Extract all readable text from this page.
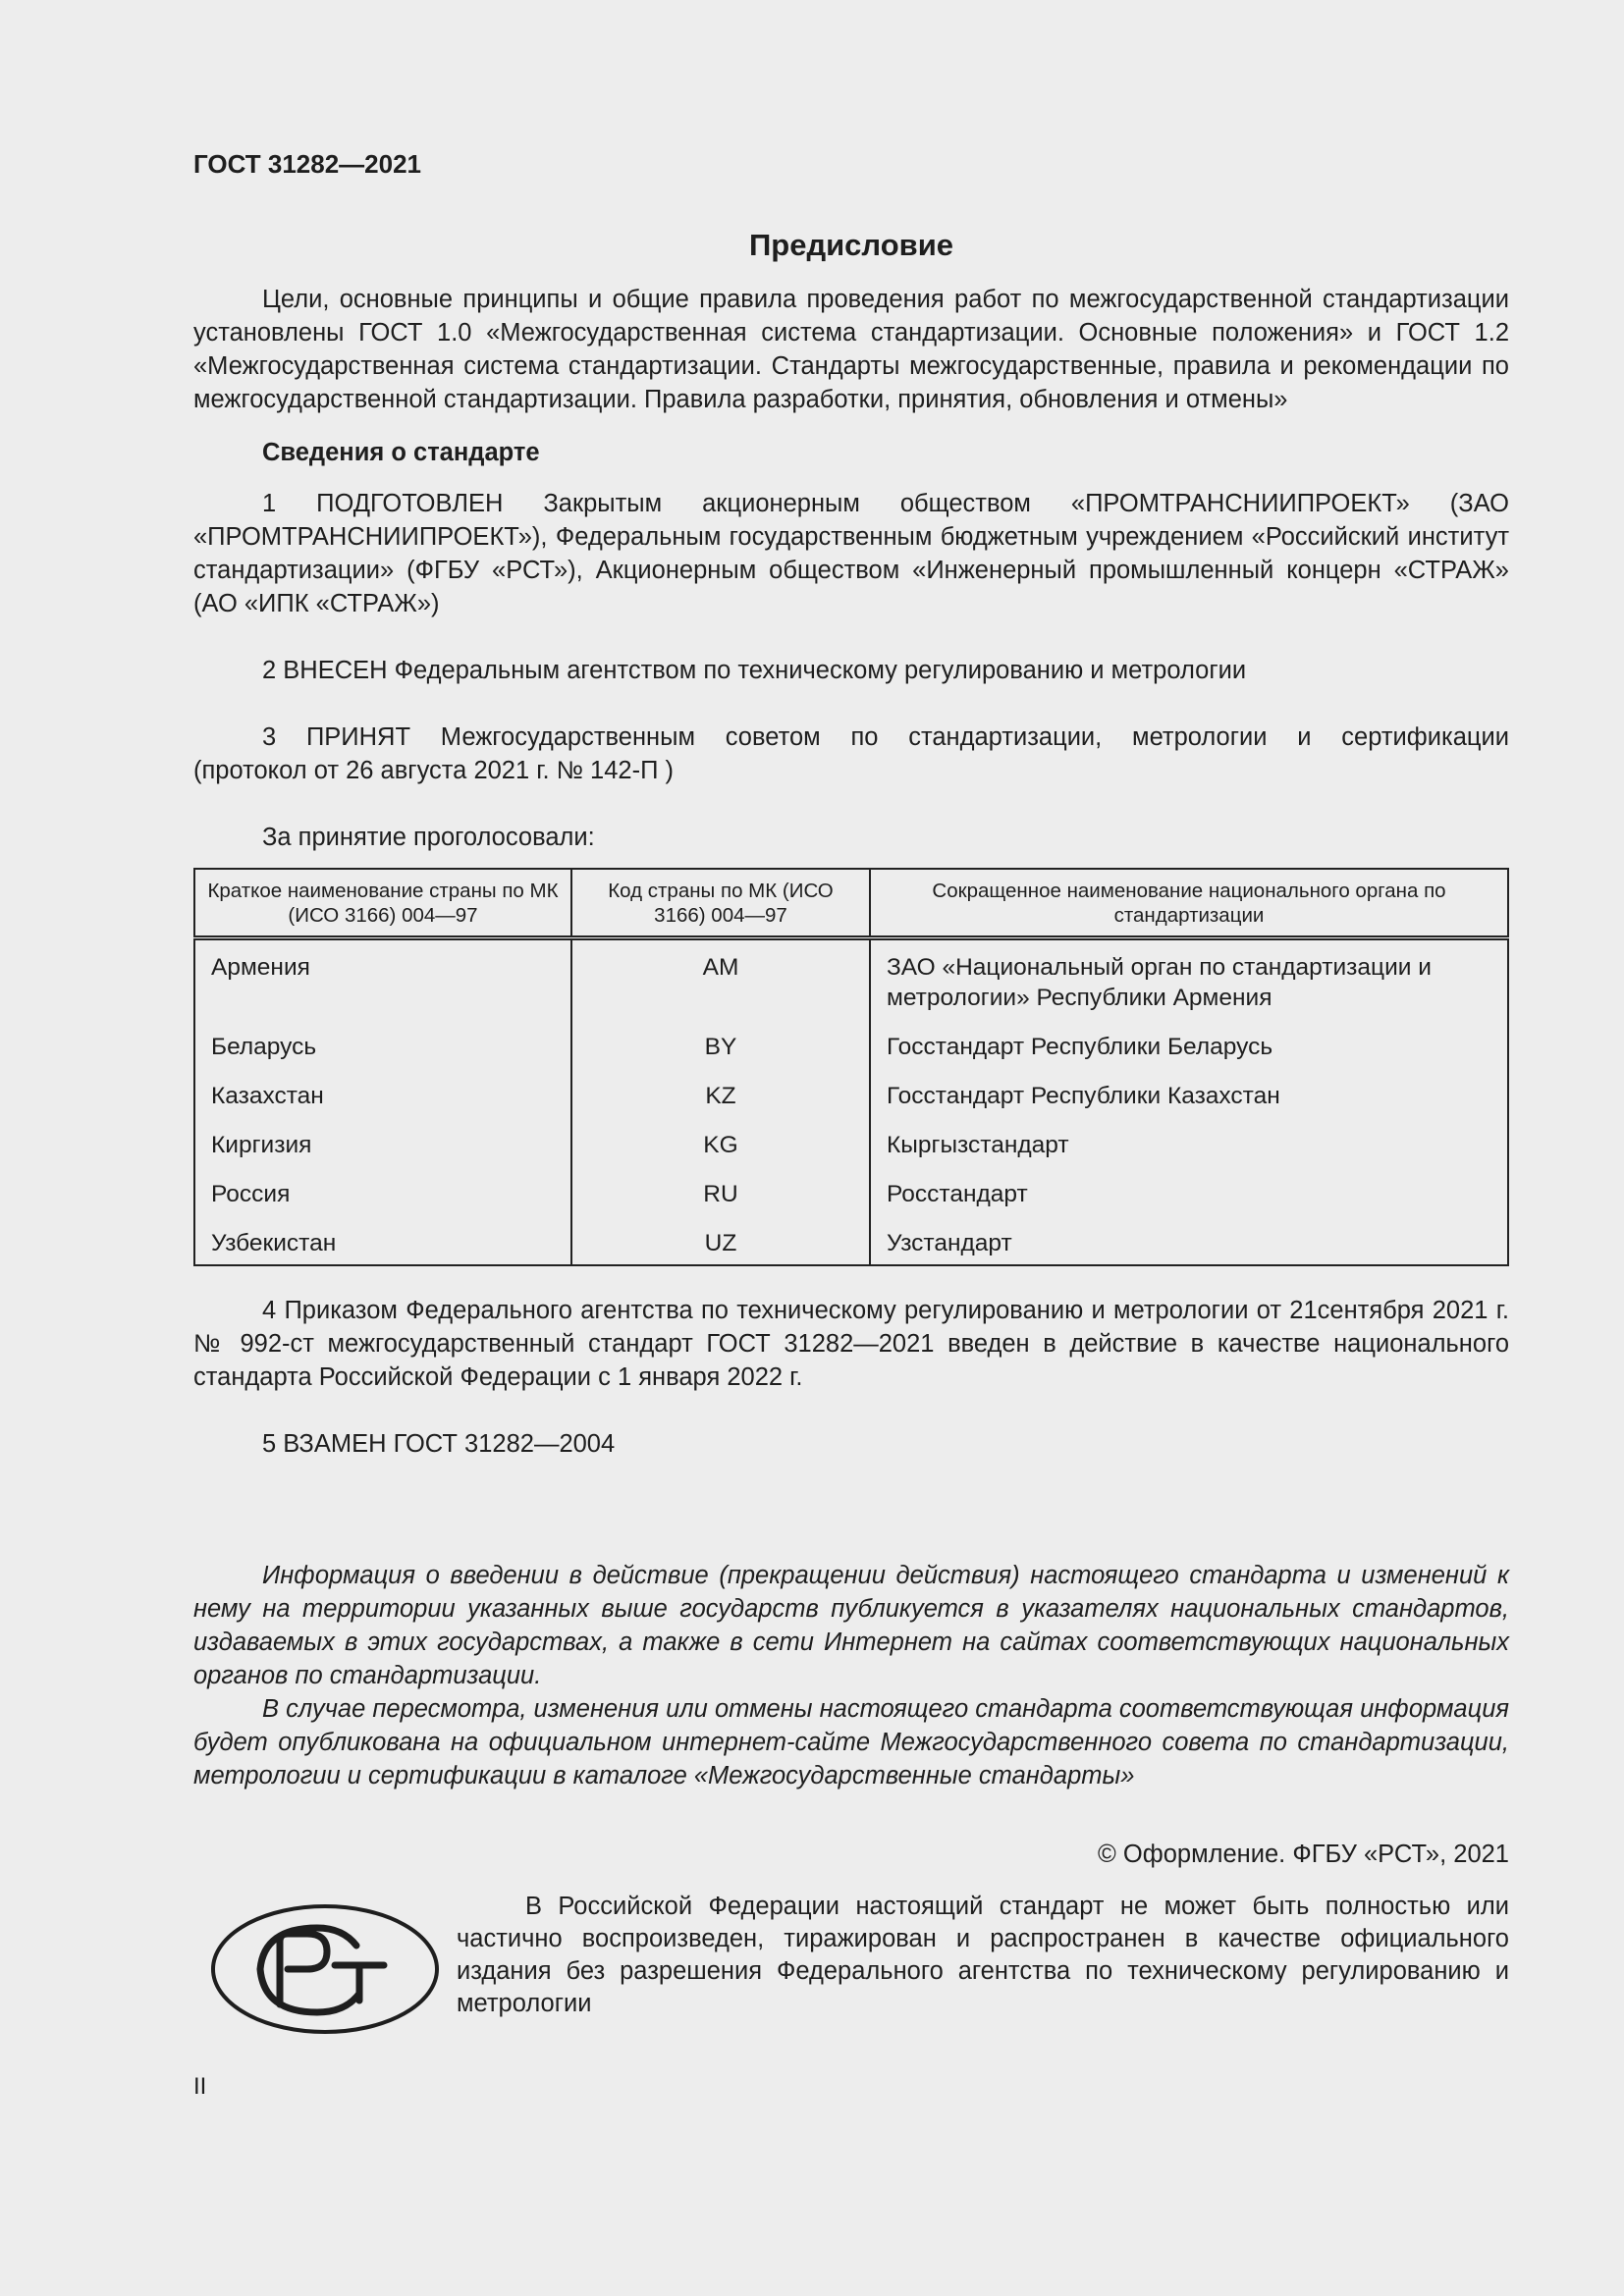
ГОСТ 31282—2021
Предисловие

Цели, основные принципы и общие правила проведения работ по межгосударственной стандартизации установлены ГОСТ 1.0 «Межгосударственная система стандартизации. Основные положения» и ГОСТ 1.2 «Межгосударственная система стандартизации. Стандарты межгосударственные, правила и рекомендации по межгосударственной стандартизации. Правила разработки, принятия, обновления и отмены»

Сведения о стандарте

1 ПОДГОТОВЛЕН Закрытым акционерным обществом «ПРОМТРАНСНИИПРОЕКТ» (ЗАО «ПРОМТРАНСНИИПРОЕКТ»), Федеральным государственным бюджетным учреждением «Российский институт стандартизации» (ФГБУ «РСТ»), Акционерным обществом «Инженерный промышленный концерн «СТРАЖ» (АО «ИПК «СТРАЖ»)

2 ВНЕСЕН Федеральным агентством по техническому регулированию и метрологии

3 ПРИНЯТ Межгосударственным советом по стандартизации, метрологии и сертификации

(протокол от 26 августа 2021 г. № 142-П )

За принятие проголосовали:

Краткое наименование страны по МК (ИСО 3166) 004—97	Код страны по МК (ИСО 3166) 004—97	Сокращенное наименование национального органа по стандартизации
Армения	AM	ЗАО «Национальный орган по стандартизации и метрологии» Республики Армения
Беларусь	BY	Госстандарт Республики Беларусь
Казахстан	KZ	Госстандарт Республики Казахстан
Киргизия	KG	Кыргызстандарт
Россия	RU	Росстандарт
Узбекистан	UZ	Узстандарт

4 Приказом Федерального агентства по техническому регулированию и метрологии от 21сентября 2021 г. № 992-ст межгосударственный стандарт ГОСТ 31282—2021 введен в действие в качестве национального стандарта Российской Федерации с 1 января 2022 г.

5 ВЗАМЕН ГОСТ 31282—2004

Информация о введении в действие (прекращении действия) настоящего стандарта и изменений к нему на территории указанных выше государств публикуется в указателях национальных стандартов, издаваемых в этих государствах, а также в сети Интернет на сайтах соответствующих национальных органов по стандартизации.

В случае пересмотра, изменения или отмены настоящего стандарта соответствующая информация будет опубликована на официальном интернет-сайте Межгосударственного совета по стандартизации, метрологии и сертификации в каталоге «Межгосударственные стандарты»

© Оформление. ФГБУ «РСТ», 2021
В Российской Федерации настоящий стандарт не может быть полностью или частично воспроизведен, тиражирован и распространен в качестве официального издания без разрешения Федерального агентства по техническому регулированию и метрологии
II
